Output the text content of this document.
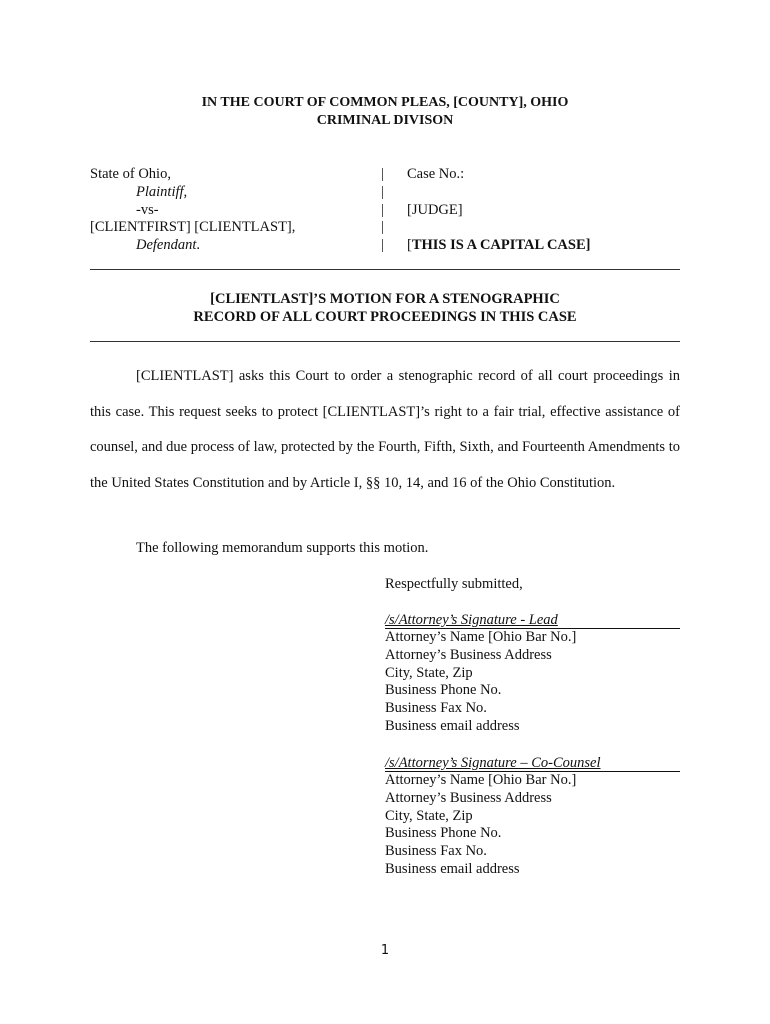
IN THE COURT OF COMMON PLEAS, [COUNTY], OHIO
CRIMINAL DIVISON
State of Ohio,
Plaintiff,
-vs-
[CLIENTFIRST] [CLIENTLAST],
Defendant.
|
|
|
|
|
Case No.:

[JUDGE]

[THIS IS A CAPITAL CASE]
[CLIENTLAST]’S MOTION FOR A STENOGRAPHIC
RECORD OF ALL COURT PROCEEDINGS IN THIS CASE

[CLIENTLAST] asks this Court to order a stenographic record of all court proceedings in this case. This request seeks to protect [CLIENTLAST]’s right to a fair trial, effective assistance of counsel, and due process of law, protected by the Fourth, Fifth, Sixth, and Fourteenth Amendments to the United States Constitution and by Article I, §§ 10, 14, and 16 of the Ohio Constitution.

The following memorandum supports this motion.
Respectfully submitted,
/s/Attorney’s Signature - Lead
Attorney’s Name [Ohio Bar No.]
Attorney’s Business Address
City, State, Zip
Business Phone No.
Business Fax No.
Business email address
/s/Attorney’s Signature – Co-Counsel
Attorney’s Name [Ohio Bar No.]
Attorney’s Business Address
City, State, Zip
Business Phone No.
Business Fax No.
Business email address
1
